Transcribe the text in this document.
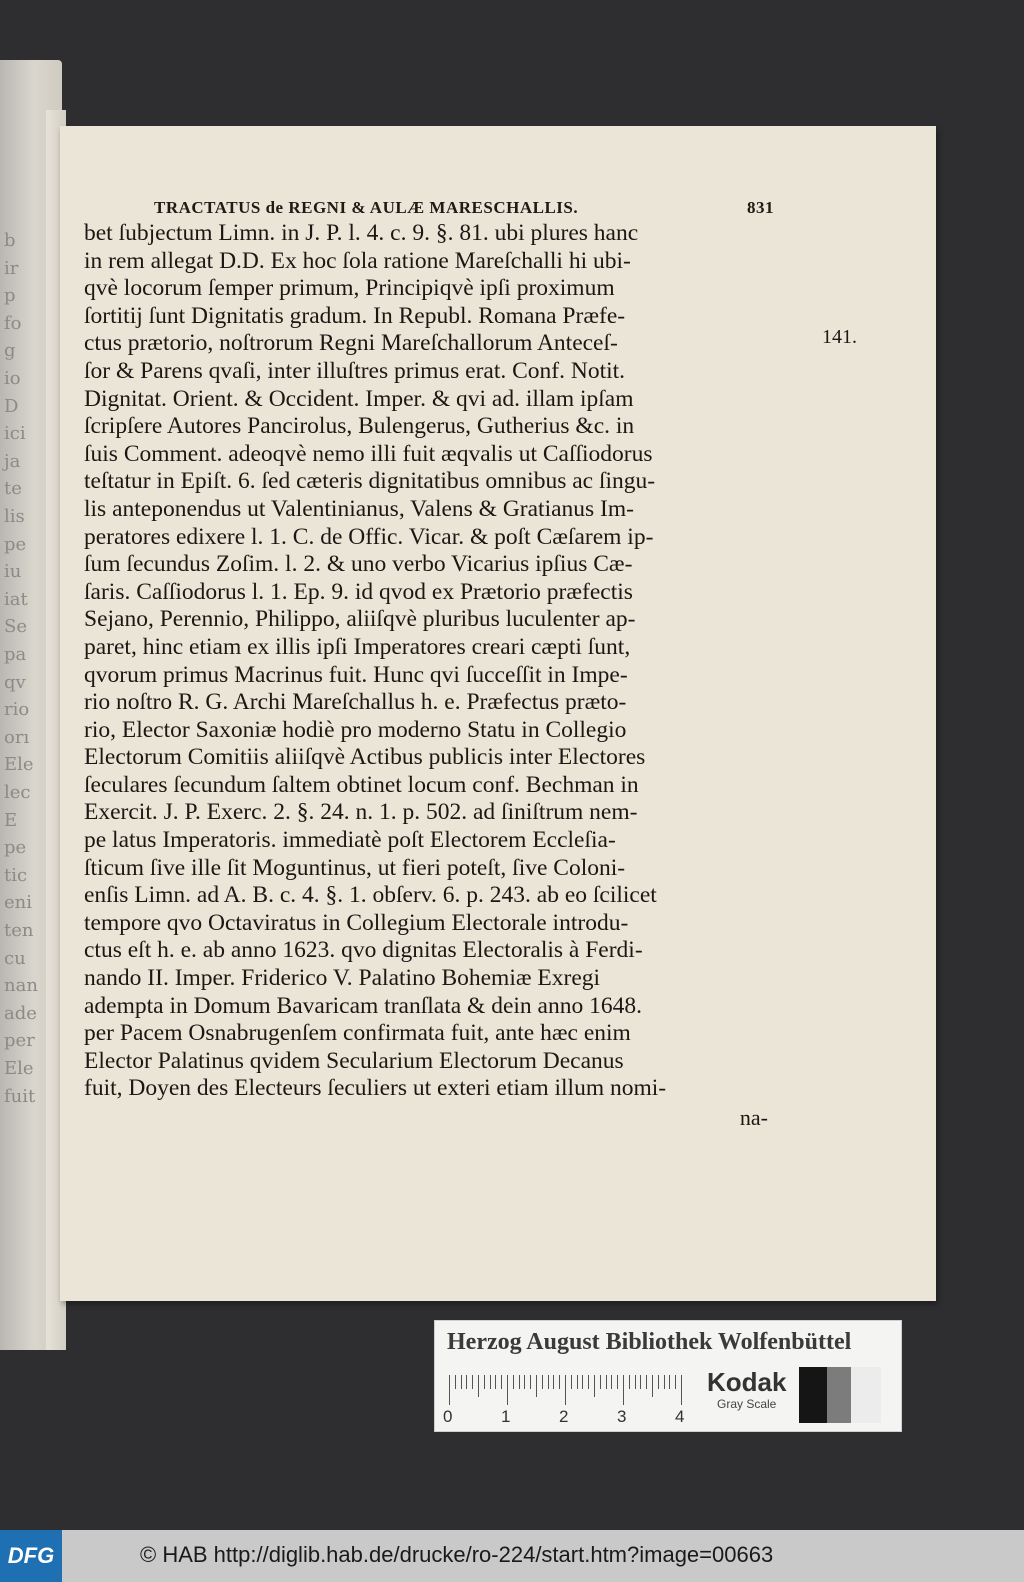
b
ir
p
fo
g
io
D
ici
ja
te
lis
pe
iu
iat
Se
pa
qv
rio
orı
Ele
lec
E
pe
tic
eni
ten
cu
nan
ade
per
Ele
fuit
TRACTATUS de REGNI & AULÆ MARESCHALLIS.	831
bet ſubjectum Limn. in J. P. l. 4. c. 9. §. 81. ubi plures hanc
in rem allegat D.D. Ex hoc ſola ratione Mareſchalli hi ubi-
qvè locorum ſemper primum, Principiqvè ipſi proximum
ſortitij ſunt Dignitatis gradum. In Republ. Romana Præfe-
ctus prætorio, noſtrorum Regni Mareſchallorum Anteceſ-
ſor & Parens qvaſi, inter illuſtres primus erat. Conf. Notit.
Dignitat. Orient. & Occident. Imper. & qvi ad. illam ipſam
ſcripſere Autores Pancirolus, Bulengerus, Gutherius &c. in
ſuis Comment. adeoqvè nemo illi fuit æqvalis ut Caſſiodorus
teſtatur in Epiſt. 6. ſed cæteris dignitatibus omnibus ac ſingu-
lis anteponendus ut Valentinianus, Valens & Gratianus Im-
peratores edixere l. 1. C. de Offic. Vicar. & poſt Cæſarem ip-
ſum ſecundus Zoſim. l. 2. & uno verbo Vicarius ipſius Cæ-
ſaris. Caſſiodorus l. 1. Ep. 9. id qvod ex Prætorio præfectis
Sejano, Perennio, Philippo, aliiſqvè pluribus luculenter ap-
paret, hinc etiam ex illis ipſi Imperatores creari cæpti ſunt,
qvorum primus Macrinus fuit. Hunc qvi ſucceſſit in Impe-
rio noſtro R. G. Archi Mareſchallus h. e. Præfectus præto-
rio, Elector Saxoniæ hodiè pro moderno Statu in Collegio
Electorum Comitiis aliiſqvè Actibus publicis inter Electores
ſeculares ſecundum ſaltem obtinet locum conf. Bechman in
Exercit. J. P. Exerc. 2. §. 24. n. 1. p. 502. ad ſiniſtrum nem-
pe latus Imperatoris. immediatè poſt Electorem Eccleſia-
ſticum ſive ille ſit Moguntinus, ut fieri poteſt, ſive Coloni-
enſis Limn. ad A. B. c. 4. §. 1. obſerv. 6. p. 243. ab eo ſcilicet
tempore qvo Octaviratus in Collegium Electorale introdu-
ctus eſt h. e. ab anno 1623. qvo dignitas Electoralis à Ferdi-
nando II. Imper. Friderico V. Palatino Bohemiæ Exregi
adempta in Domum Bavaricam tranſlata & dein anno 1648.
per Pacem Osnabrugenſem confirmata fuit, ante hæc enim
Elector Palatinus qvidem Secularium Electorum Decanus
fuit, Doyen des Electeurs ſeculiers ut exteri etiam illum nomi-
na-
141.
Herzog August Bibliothek Wolfenbüttel
0	1	2	3	4
Kodak
Gray Scale
DFG	© HAB http://diglib.hab.de/drucke/ro-224/start.htm?image=00663
